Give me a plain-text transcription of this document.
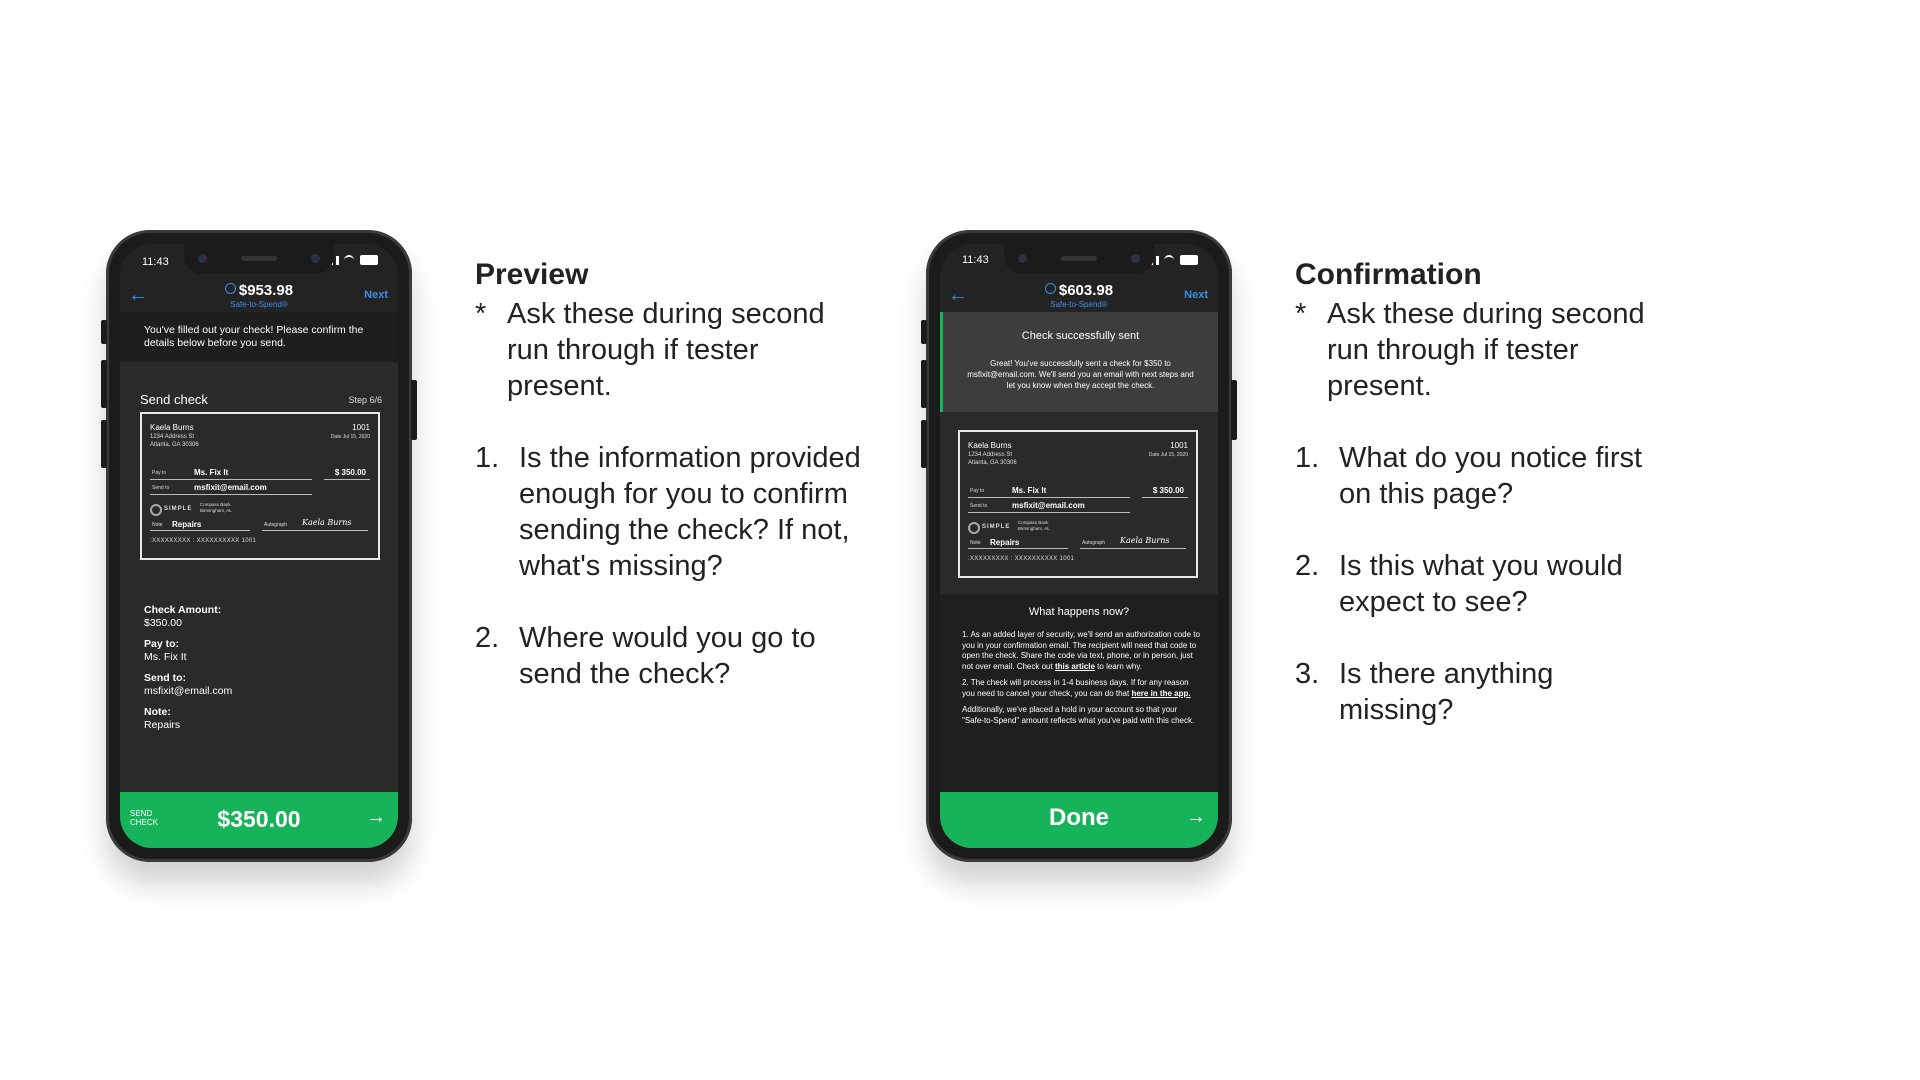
11:43
←	$953.98
Safe-to-Spend®
Next
You've filled out your check! Please confirm the details below before you send.
Send check	Step 6/6
Kaela Burns
1234 Address St
Atlanta, GA 30306
1001
Date Jul 15, 2020
Pay to	Ms. Fix It	$ 350.00
Send to	msfixit@email.com
SIMPLE
Compass Bank
Birmingham, AL
Note Repairs	Autograph Kaela Burns
:XXXXXXXXX : XXXXXXXXXX 1001
Check Amount:
$350.00
Pay to:
Ms. Fix It
Send to:
msfixit@email.com
Note:
Repairs
SEND
CHECK	$350.00	→
Preview
* Ask these during second run through if tester present.
1. Is the information provided enough for you to confirm sending the check? If not, what's missing?
2. Where would you go to send the check?
11:43
←	$603.98
Safe-to-Spend®
Next
Check successfully sent
Great! You've successfully sent a check for $350 to msfixit@email.com. We'll send you an email with next steps and let you know when they accept the check.
Kaela Burns
1234 Address St
Atlanta, GA 30306
1001
Date Jul 15, 2020
Pay to	Ms. Fix It	$ 350.00
Send to	msfixit@email.com
SIMPLE
Compass Bank
Birmingham, AL
Note Repairs	Autograph Kaela Burns
:XXXXXXXXX : XXXXXXXXXX 1001
What happens now?

1. As an added layer of security, we'll send an authorization code to you in your confirmation email. The recipient will need that code to open the check. Share the code via text, phone, or in person, just not over email. Check out this article to learn why.

2. The check will process in 1-4 business days. If for any reason you need to cancel your check, you can do that here in the app.

Additionally, we've placed a hold in your account so that your "Safe-to-Spend" amount reflects what you've paid with this check.

Done	→
Confirmation
* Ask these during second run through if tester present.
1. What do you notice first on this page?
2. Is this what you would expect to see?
3. Is there anything missing?
